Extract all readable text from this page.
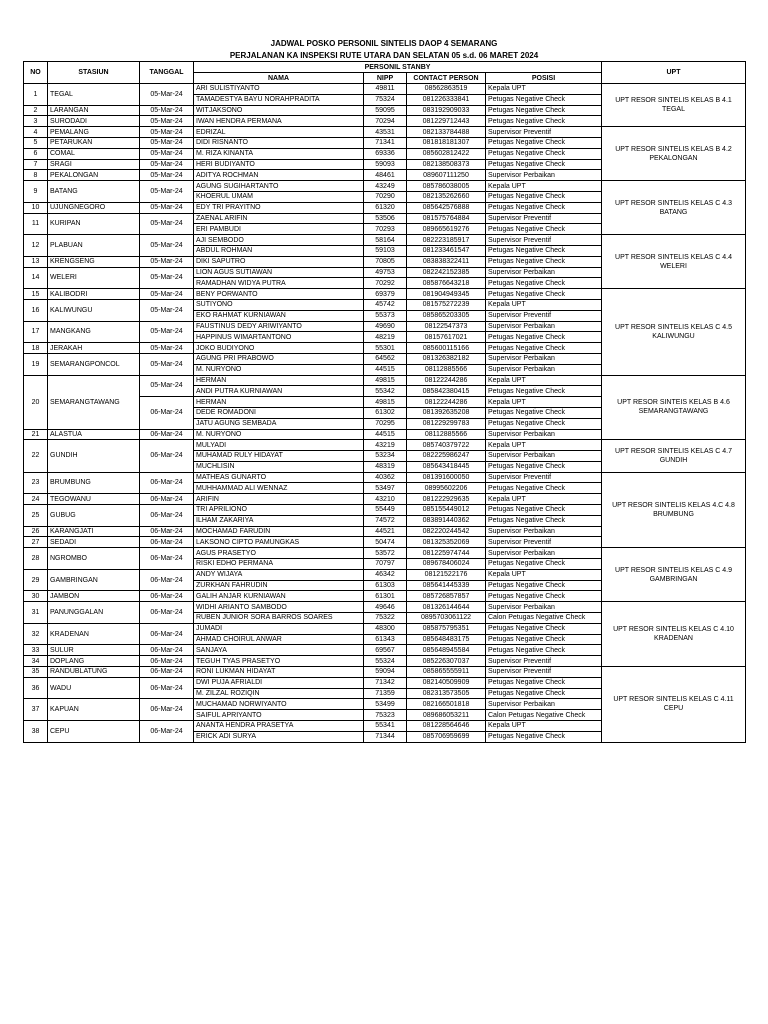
JADWAL POSKO PERSONIL SINTELIS DAOP 4 SEMARANG
PERJALANAN KA INSPEKSI RUTE UTARA DAN SELATAN 05 s.d. 06 MARET 2024
NO	STASIUN	TANGGAL	PERSONIL STANBY				UPT
			NAMA	NIPP	CONTACT PERSON	POSISI	
1	TEGAL	05-Mar-24	ARI SULISTIYANTO	49811	08562863519	Kepala UPT	UPT RESOR SINTELIS KELAS B 4.1 TEGAL
			TAMADESTYA BAYU NORAHPRADITA	75324	081226333841	Petugas Negative Check	
2	LARANGAN	05-Mar-24	WITJAKSONO	59095	083192909033	Petugas Negative Check	
3	SURODADI	05-Mar-24	IWAN HENDRA PERMANA	70294	081229712443	Petugas Negative Check	
4	PEMALANG	05-Mar-24	EDRIZAL	43531	082133784488	Supervisor Preventif	UPT RESOR SINTELIS KELAS B 4.2 PEKALONGAN
5	PETARUKAN	05-Mar-24	DIDI RISNANTO	71341	081818181307	Petugas Negative Check	
6	COMAL	05-Mar-24	M. RIZA KINANTA	69336	085602812422	Petugas Negative Check	
7	SRAGI	05-Mar-24	HERI BUDIYANTO	59093	082138508373	Petugas Negative Check	
8	PEKALONGAN	05-Mar-24	ADITYA ROCHMAN	48461	089607111250	Supervisor Perbaikan	
9	BATANG	05-Mar-24	AGUNG SUGIHARTANTO	43249	085786038005	Kepala UPT	UPT RESOR SINTELIS KELAS C 4.3 BATANG
			KHOERUL UMAM	70290	082135262660	Petugas Negative Check	
10	UJUNGNEGORO	05-Mar-24	EDY TRI PRAYITNO	61320	085642576888	Petugas Negative Check	
11	KURIPAN	05-Mar-24	ZAENAL ARIFIN	53506	081575764884	Supervisor Preventif	
			ERI PAMBUDI	70293	089665619276	Petugas Negative Check	
12	PLABUAN	05-Mar-24	AJI SEMBODO	58164	082223185917	Supervisor Preventif	UPT RESOR SINTELIS KELAS C 4.4 WELERI
			ABDUL ROHMAN	59103	081233461547	Petugas Negative Check	
13	KRENGSENG	05-Mar-24	DIKI SAPUTRO	70805	083838322411	Petugas Negative Check	
14	WELERI	05-Mar-24	LION AGUS SUTIAWAN	49753	082242152385	Supervisor Perbaikan	
			RAMADHAN WIDYA PUTRA	70292	085876643218	Petugas Negative Check	
15	KALIBODRI	05-Mar-24	BENY PORWANTO	69379	081904949345	Petugas Negative Check	UPT RESOR SINTELIS KELAS C 4.5 KALIWUNGU
16	KALIWUNGU	05-Mar-24	SUTIYONO	45742	081575272239	Kepala UPT	
			EKO RAHMAT KURNIAWAN	55373	085865203305	Supervisor Preventif	
17	MANGKANG	05-Mar-24	FAUSTINUS DEDY ARIWIYANTO	49690	08122547373	Supervisor Perbaikan	
			HAPPINUS WIMARTANTONO	48219	08157617021	Petugas Negative Check	
18	JERAKAH	05-Mar-24	JOKO BUDIYONO	55301	085600115166	Petugas Negative Check	
19	SEMARANGPONCOL	05-Mar-24	AGUNG PRI PRABOWO	64562	081326382182	Supervisor Perbaikan	
			M. NURYONO	44515	08112885566	Supervisor Perbaikan	
20	SEMARANGTAWANG	05-Mar-24	HERMAN	49815	08122244286	Kepala UPT	UPT RESOR SINTEIS KELAS B 4.6 SEMARANGTAWANG
			ANDI PUTRA KURNIAWAN	55342	085842380415	Petugas Negative Check	
		06-Mar-24	HERMAN	49815	08122244286	Kepala UPT	
			DEDE ROMADONI	61302	081392635208	Petugas Negative Check	
			JATU AGUNG SEMBADA	70295	081229299783	Petugas Negative Check	
21	ALASTUA	06-Mar-24	M. NURYONO	44515	08112885566	Supervisor Perbaikan	
22	GUNDIH	06-Mar-24	MULYADI	43219	085740379722	Kepala UPT	UPT RESOR SINTELIS KELAS C 4.7 GUNDIH
			MUHAMAD RULY HIDAYAT	53234	082225986247	Supervisor Perbaikan	
			MUCHLISIN	48319	085643418445	Petugas Negative Check	
23	BRUMBUNG	06-Mar-24	MATHEAS GUNARTO	40362	081391600050	Supervisor Preventif	UPT RESOR SINTELIS KELAS 4.C 4.8 BRUMBUNG
			MUHHAMMAD ALI WENNAZ	53497	08995602206	Petugas Negative Check	
24	TEGOWANU	06-Mar-24	ARIFIN	43210	081222929635	Kepala UPT	
25	GUBUG	06-Mar-24	TRI APRILIONO	55449	085155449012	Petugas Negative Check	
			ILHAM ZAKARIYA	74572	083891440362	Petugas Negative Check	
26	KARANGJATI	06-Mar-24	MOCHAMAD FARUDIN	44521	082220244542	Supervisor Perbaikan	
27	SEDADI	06-Mar-24	LAKSONO CIPTO PAMUNGKAS	50474	081325352069	Supervisor Preventif	
28	NGROMBO	06-Mar-24	AGUS PRASETYO	53572	081225974744	Supervisor Perbaikan	UPT RESOR SINTELIS KELAS C 4.9 GAMBRINGAN
			RISKI EDHO PERMANA	70797	089678406024	Petugas Negative Check	
29	GAMBRINGAN	06-Mar-24	ANDY WIJAYA	46342	08121522176	Kepala UPT	
			ZURKHAN FAHRUDIN	61303	085641445339	Petugas Negative Check	
30	JAMBON	06-Mar-24	GALIH ANJAR KURNIAWAN	61301	085726857857	Petugas Negative Check	
31	PANUNGGALAN	06-Mar-24	WIDHI ARIANTO SAMBODO	49646	081326144644	Supervisor Perbaikan	UPT RESOR SINTELIS KELAS C 4.10 KRADENAN
			RUBEN JUNIOR SORA BARROS SOARES	75322	0895703061122	Calon Petugas Negative Check	
32	KRADENAN	06-Mar-24	JUMADI	48300	085875795351	Petugas Negative Check	
			AHMAD CHOIRUL ANWAR	61343	085648483175	Petugas Negative Check	
33	SULUR	06-Mar-24	SANJAYA	69567	085648945584	Petugas Negative Check	
34	DOPLANG	06-Mar-24	TEGUH TYAS PRASETYO	55324	085226307037	Supervisor Preventif	
35	RANDUBLATUNG	06-Mar-24	RONI LUKMAN HIDAYAT	59094	085865555911	Supervisor Preventif	UPT RESOR SINTELIS KELAS C 4.11 CEPU
36	WADU	06-Mar-24	DWI PUJA AFRIALDI	71342	082140509909	Petugas Negative Check	
			M. ZILZAL ROZIQIN	71359	082313573505	Petugas Negative Check	
37	KAPUAN	06-Mar-24	MUCHAMAD NORWIYANTO	53499	082166501818	Supervisor Perbaikan	
			SAIFUL APRIYANTO	75323	089686053211	Calon Petugas Negative Check	
38	CEPU	06-Mar-24	ANANTA HENDRA PRASETYA	55341	081228564646	Kepala UPT	
			ERICK ADI SURYA	71344	085706959699	Petugas Negative Check	
